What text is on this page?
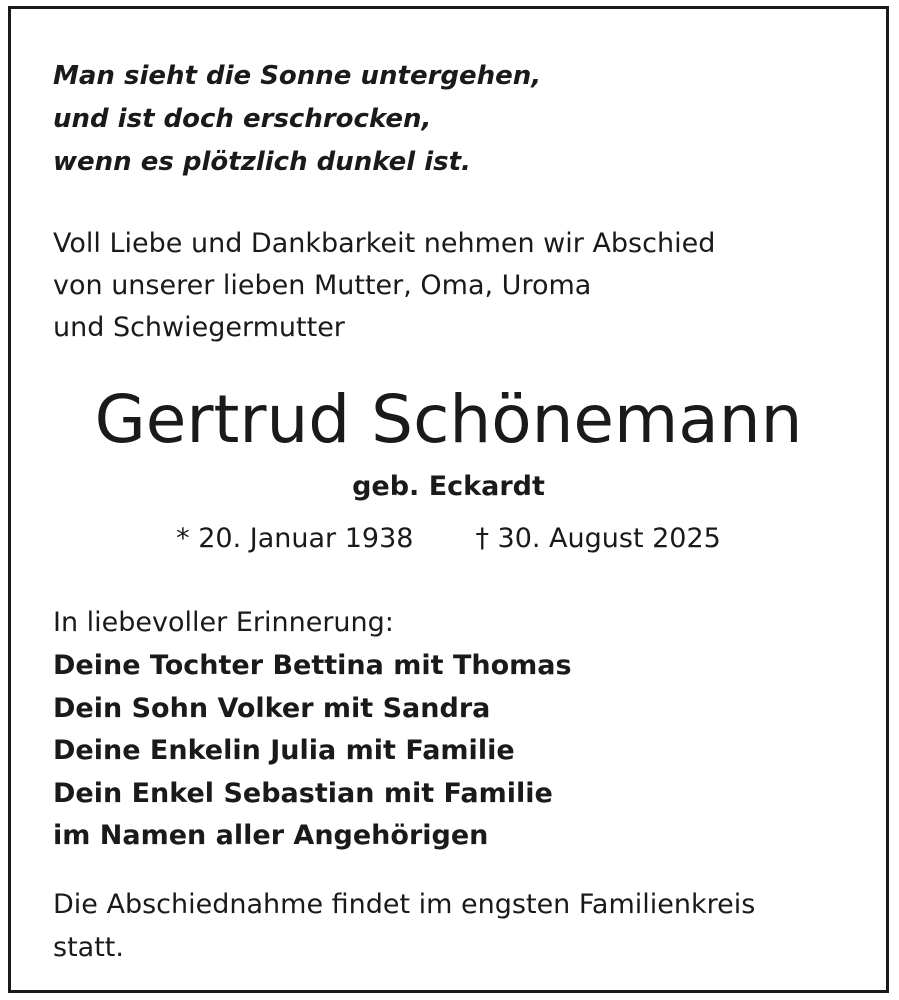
Man sieht die Sonne untergehen,
und ist doch erschrocken,
wenn es plötzlich dunkel ist.
Voll Liebe und Dankbarkeit nehmen wir Abschied
von unserer lieben Mutter, Oma, Uroma
und Schwiegermutter
Gertrud Schönemann
geb. Eckardt
* 20. Januar 1938 † 30. August 2025
In liebevoller Erinnerung:
Deine Tochter Bettina mit Thomas
Dein Sohn Volker mit Sandra
Deine Enkelin Julia mit Familie
Dein Enkel Sebastian mit Familie
im Namen aller Angehörigen
Die Abschiednahme findet im engsten Familienkreis
statt.
